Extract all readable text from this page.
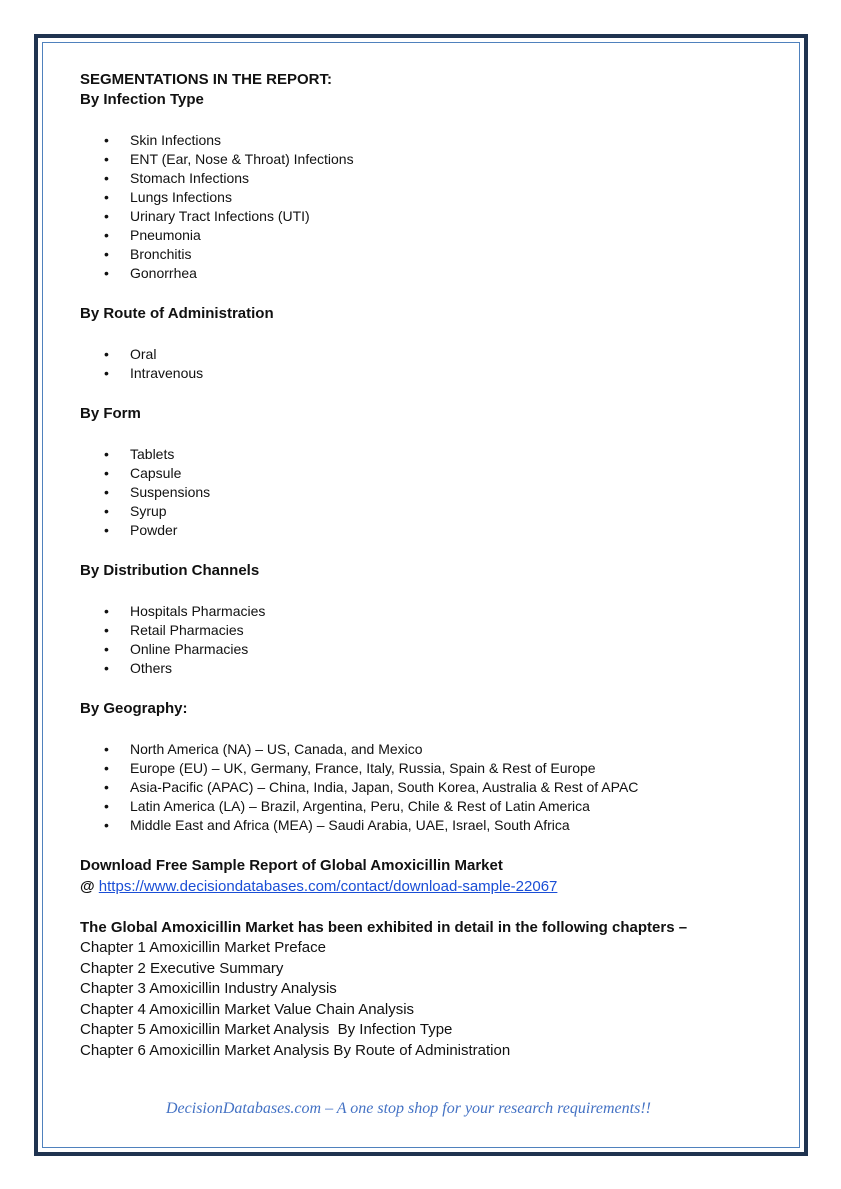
SEGMENTATIONS IN THE REPORT:
By Infection Type
• Skin Infections
• ENT (Ear, Nose & Throat) Infections
• Stomach Infections
• Lungs Infections
• Urinary Tract Infections (UTI)
• Pneumonia
• Bronchitis
• Gonorrhea
By Route of Administration
• Oral
• Intravenous
By Form
• Tablets
• Capsule
• Suspensions
• Syrup
• Powder
By Distribution Channels
• Hospitals Pharmacies
• Retail Pharmacies
• Online Pharmacies
• Others
By Geography:
• North America (NA) – US, Canada, and Mexico
• Europe (EU) – UK, Germany, France, Italy, Russia, Spain & Rest of Europe
• Asia-Pacific (APAC) – China, India, Japan, South Korea, Australia & Rest of APAC
• Latin America (LA) – Brazil, Argentina, Peru, Chile & Rest of Latin America
• Middle East and Africa (MEA) – Saudi Arabia, UAE, Israel, South Africa
Download Free Sample Report of Global Amoxicillin Market
@ https://www.decisiondatabases.com/contact/download-sample-22067
The Global Amoxicillin Market has been exhibited in detail in the following chapters –
Chapter 1 Amoxicillin Market Preface
Chapter 2 Executive Summary
Chapter 3 Amoxicillin Industry Analysis
Chapter 4 Amoxicillin Market Value Chain Analysis
Chapter 5 Amoxicillin Market Analysis  By Infection Type
Chapter 6 Amoxicillin Market Analysis By Route of Administration
DecisionDatabases.com – A one stop shop for your research requirements!!
